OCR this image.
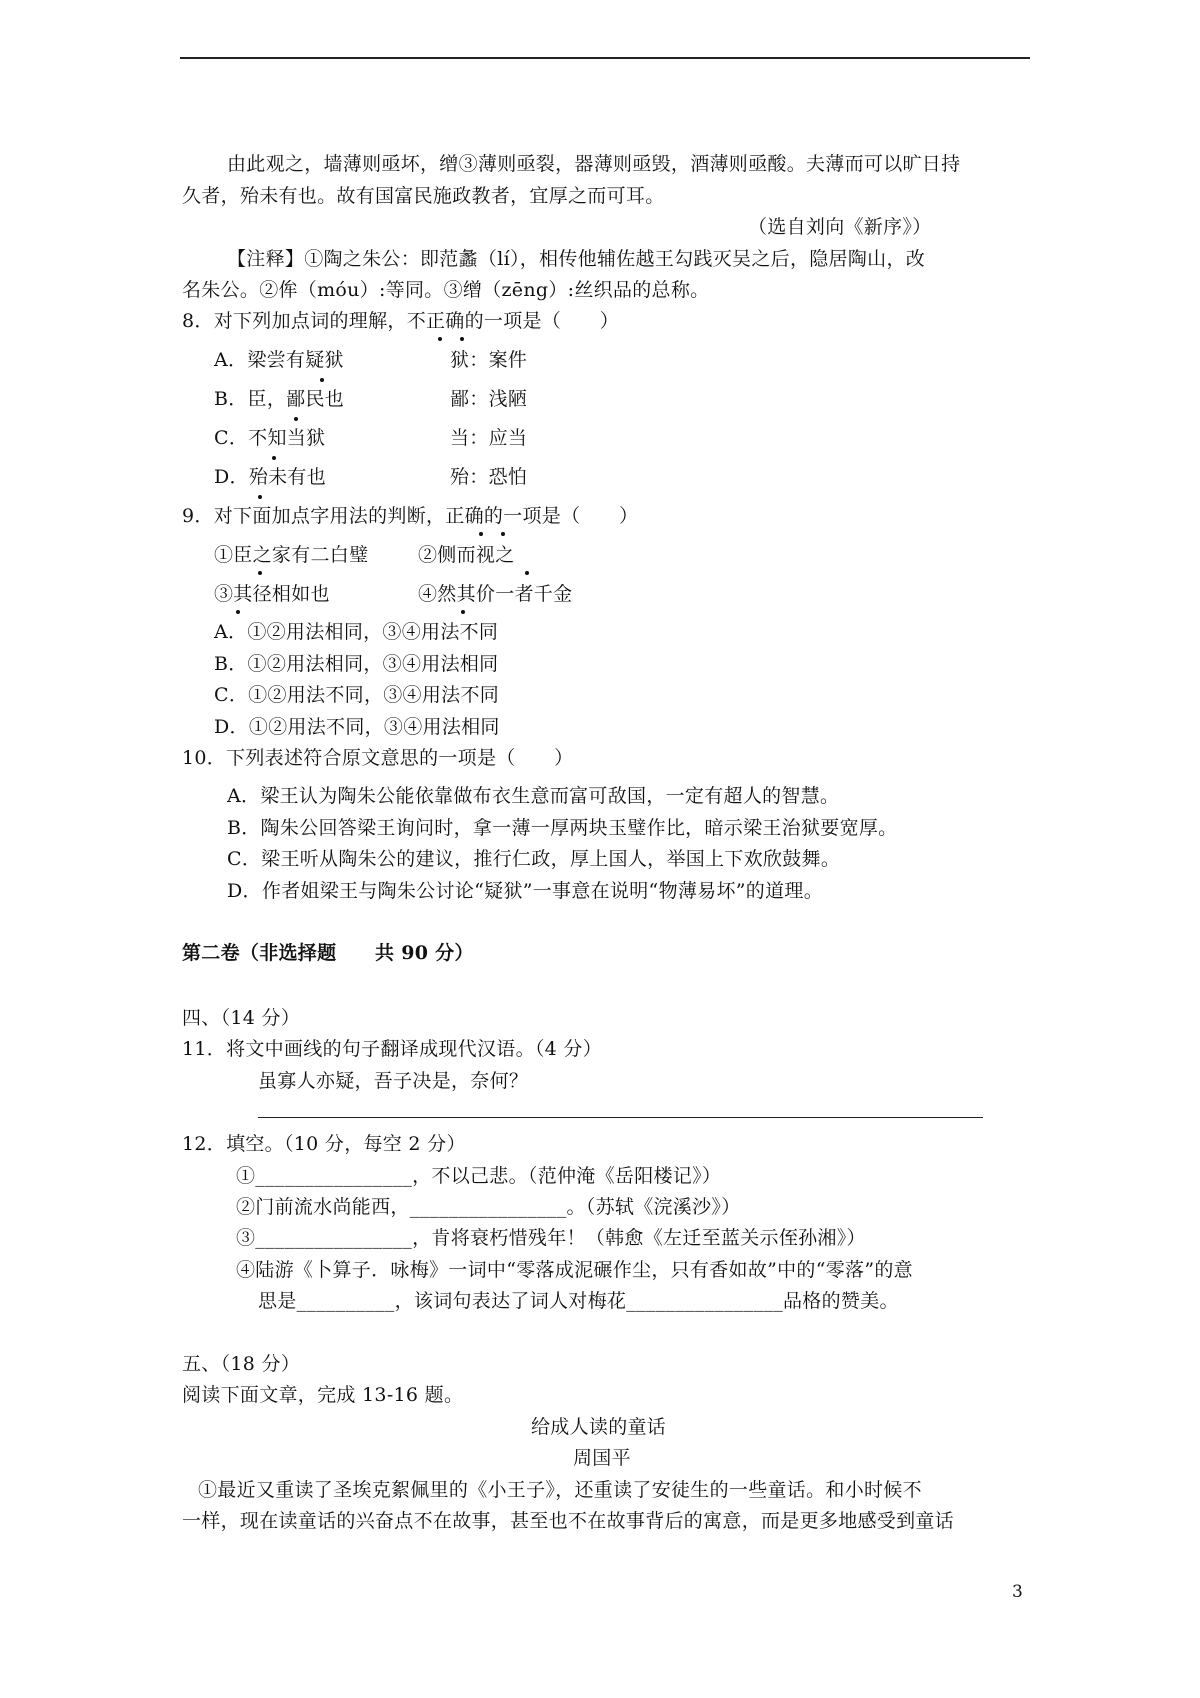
由此观之，墙薄则亟坏，缯③薄则亟裂，器薄则亟毁，酒薄则亟酸。夫薄而可以旷日持
久者，殆未有也。故有国富民施政教者，宜厚之而可耳。
（选自刘向《新序》）
【注释】①陶之朱公：即范蠡（lí），相传他辅佐越王勾践灭吴之后，隐居陶山，改
名朱公。②侔（móu）:等同。③缯（zēng）:丝织品的总称。
8．对下列加点词的理解，不正确的一项是（　　）
A．梁尝有疑狱	狱：案件
B．臣，鄙民也	鄙：浅陋
C．不知当狱	当：应当
D．殆未有也	殆：恐怕
9．对下面加点字用法的判断，正确的一项是（　　）
①臣之家有二白璧	②侧而视之
③其径相如也	④然其价一者千金
A．①②用法相同，③④用法不同
B．①②用法相同，③④用法相同
C．①②用法不同，③④用法不同
D．①②用法不同，③④用法相同
10．下列表述符合原文意思的一项是（　　）
A．梁王认为陶朱公能依靠做布衣生意而富可敌国，一定有超人的智慧。
B．陶朱公回答梁王询问时，拿一薄一厚两块玉璧作比，暗示梁王治狱要宽厚。
C．梁王听从陶朱公的建议，推行仁政，厚上国人，举国上下欢欣鼓舞。
D．作者姐梁王与陶朱公讨论“疑狱”一事意在说明“物薄易坏”的道理。
第二卷（非选择题　　共 90 分）
四、（14 分）
11．将文中画线的句子翻译成现代汉语。（4 分）
虽寡人亦疑，吾子决是，奈何？
12．填空。（10 分，每空 2 分）
①________________，不以己悲。（范仲淹《岳阳楼记》）
②门前流水尚能西，________________。（苏轼《浣溪沙》）
③________________，肯将衰朽惜残年！（韩愈《左迁至蓝关示侄孙湘》）
④陆游《卜算子．咏梅》一词中“零落成泥碾作尘，只有香如故”中的“零落”的意
思是__________，该词句表达了词人对梅花________________品格的赞美。
五、（18 分）
阅读下面文章，完成 13-16 题。
给成人读的童话
周国平
①最近又重读了圣埃克絮佩里的《小王子》，还重读了安徒生的一些童话。和小时候不
一样，现在读童话的兴奋点不在故事，甚至也不在故事背后的寓意，而是更多地感受到童话
3
